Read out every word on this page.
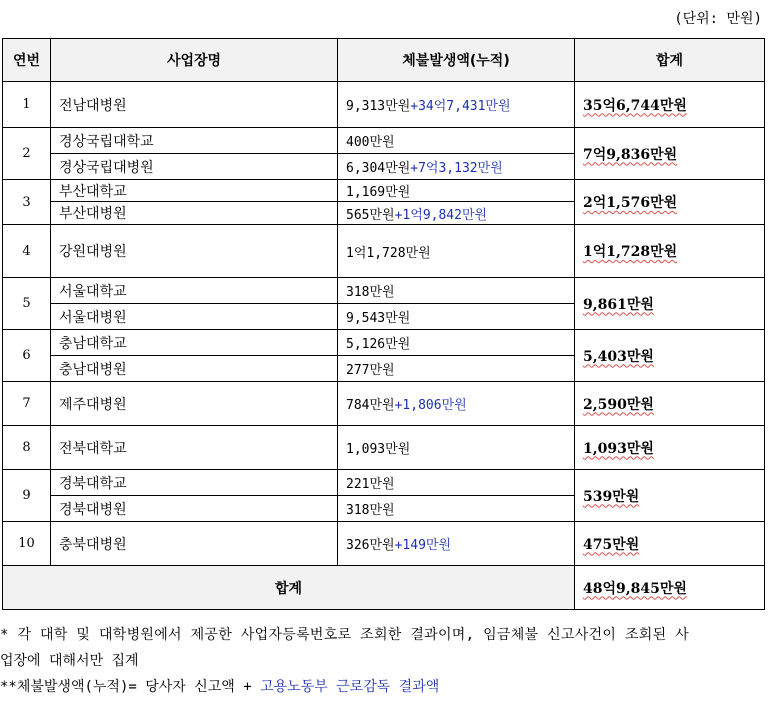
(단위: 만원)
연번	사업장명	체불발생액(누적)	합계
1	전남대병원	9,313만원+34억7,431만원	35억6,744만원
2	경상국립대학교	400만원	7억9,836만원
	경상국립대병원	6,304만원+7억3,132만원	
3	부산대학교	1,169만원	2억1,576만원
	부산대병원	565만원+1억9,842만원	
4	강원대병원	1억1,728만원	1억1,728만원
5	서울대학교	318만원	9,861만원
	서울대병원	9,543만원	
6	충남대학교	5,126만원	5,403만원
	충남대병원	277만원	
7	제주대병원	784만원+1,806만원	2,590만원
8	전북대학교	1,093만원	1,093만원
9	경북대학교	221만원	539만원
	경북대병원	318만원	
10	충북대병원	326만원+149만원	475만원
합계			48억9,845만원
* 각 대학 및 대학병원에서 제공한 사업자등록번호로 조회한 결과이며, 임금체불 신고사건이 조회된 사
업장에 대해서만 집계
**체불발생액(누적)= 당사자 신고액 + 고용노동부 근로감독 결과액
